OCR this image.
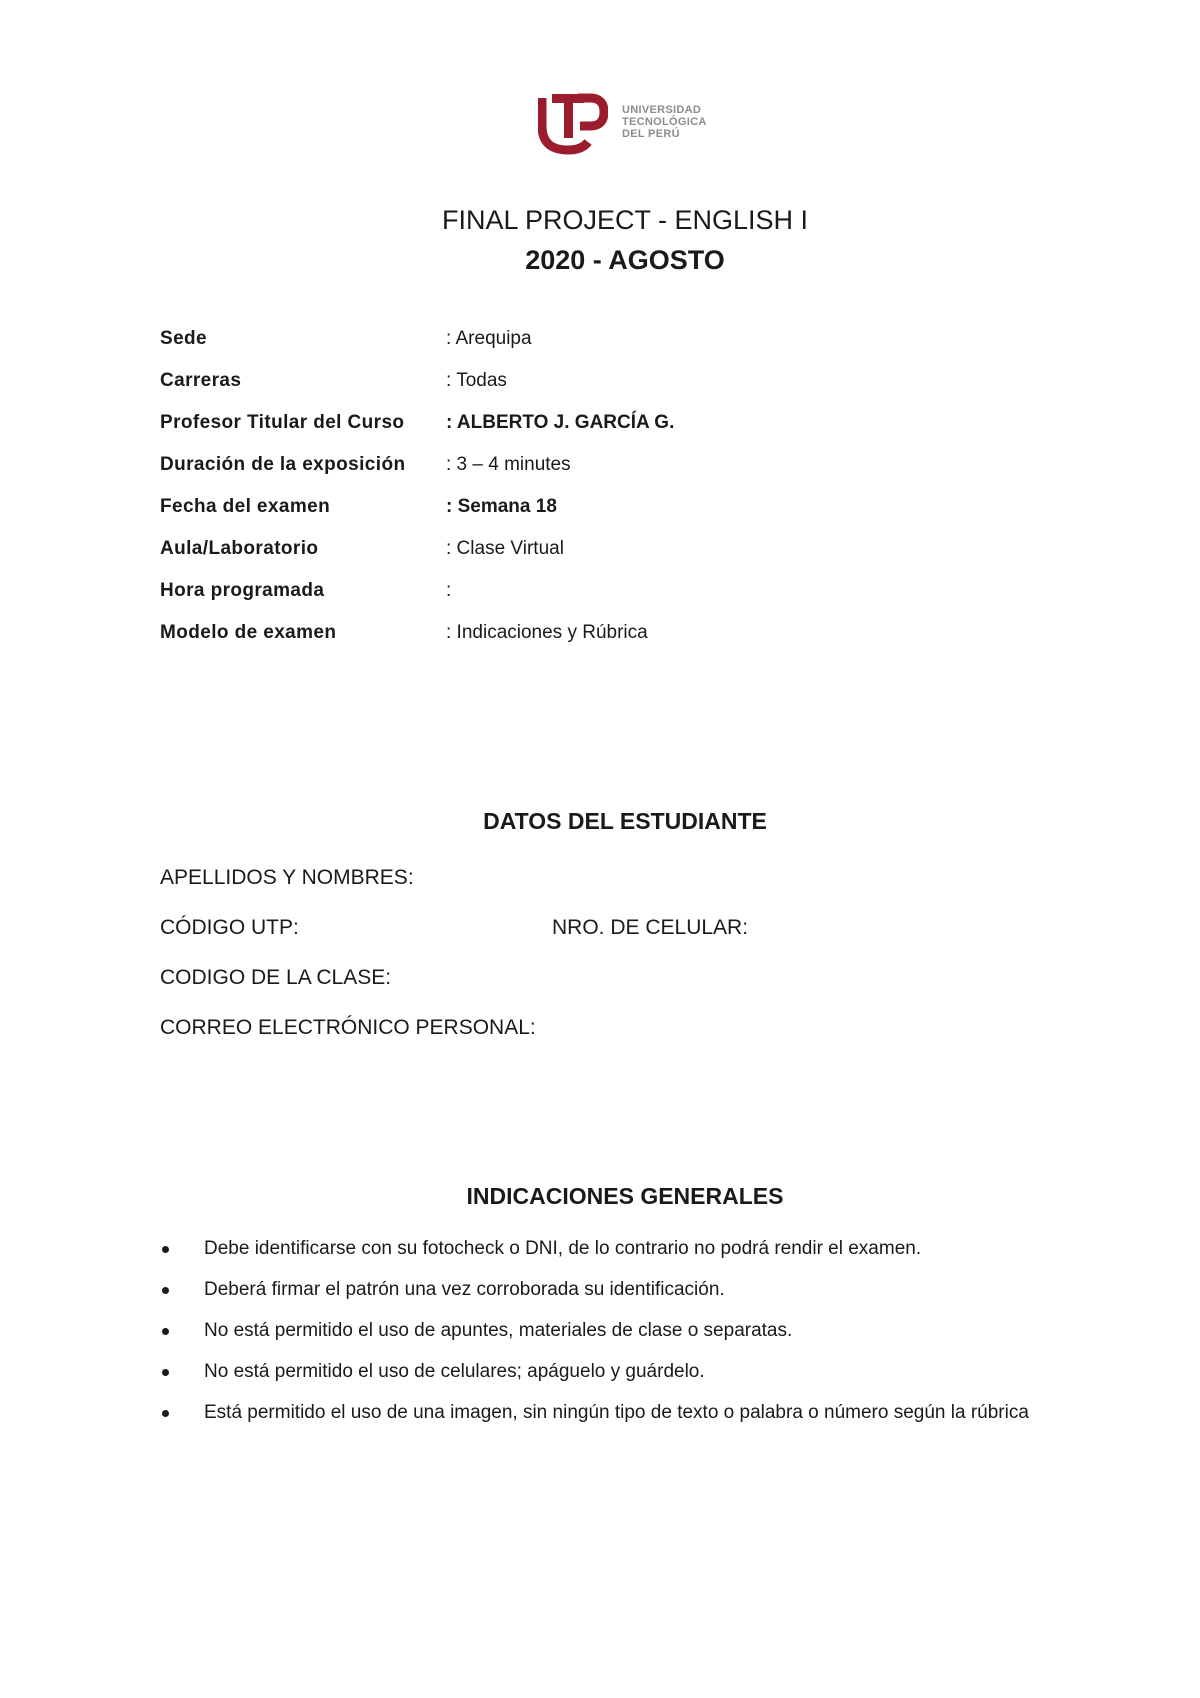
UNIVERSIDAD
TECNOLÓGICA
DEL PERÚ
FINAL PROJECT - ENGLISH I
2020 - AGOSTO
Sede	: Arequipa
Carreras	: Todas
Profesor Titular del Curso : ALBERTO J. GARCÍA G.
Duración de la exposición : 3 – 4 minutes
Fecha del examen	: Semana 18
Aula/Laboratorio	: Clase Virtual
Hora programada	:
Modelo de examen	: Indicaciones y Rúbrica
DATOS DEL ESTUDIANTE
APELLIDOS Y NOMBRES:
CÓDIGO UTP:	NRO. DE CELULAR:
CODIGO DE LA CLASE:
CORREO ELECTRÓNICO PERSONAL:
INDICACIONES GENERALES
Debe identificarse con su fotocheck o DNI, de lo contrario no podrá rendir el examen.
Deberá firmar el patrón una vez corroborada su identificación.
No está permitido el uso de apuntes, materiales de clase o separatas.
No está permitido el uso de celulares; apáguelo y guárdelo.
Está permitido el uso de una imagen, sin ningún tipo de texto o palabra o número según la rúbrica
